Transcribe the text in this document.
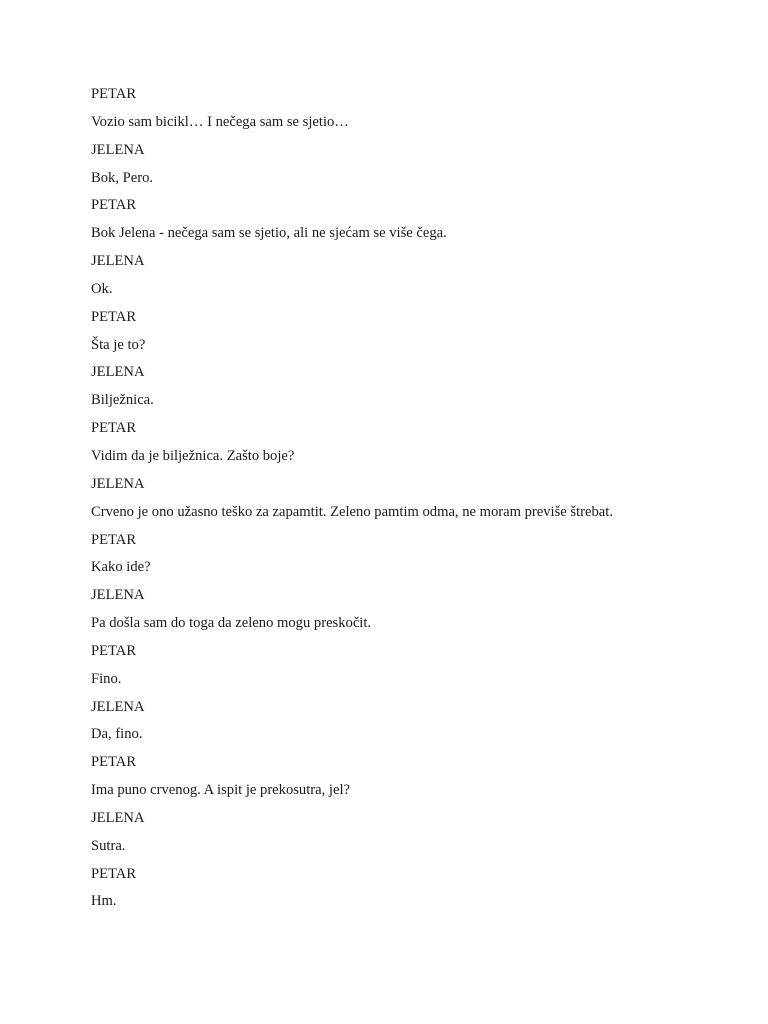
PETAR
Vozio sam bicikl… I nečega sam se sjetio…
JELENA
Bok, Pero.
PETAR
Bok Jelena - nečega sam se sjetio, ali ne sjećam se više čega.
JELENA
Ok.
PETAR
Šta je to?
JELENA
Bilježnica.
PETAR
Vidim da je bilježnica. Zašto boje?
JELENA
Crveno je ono užasno teško za zapamtit. Zeleno pamtim odma, ne moram previše štrebat.
PETAR
Kako ide?
JELENA
Pa došla sam do toga da zeleno mogu preskočit.
PETAR
Fino.
JELENA
Da, fino.
PETAR
Ima puno crvenog. A ispit je prekosutra, jel?
JELENA
Sutra.
PETAR
Hm.
